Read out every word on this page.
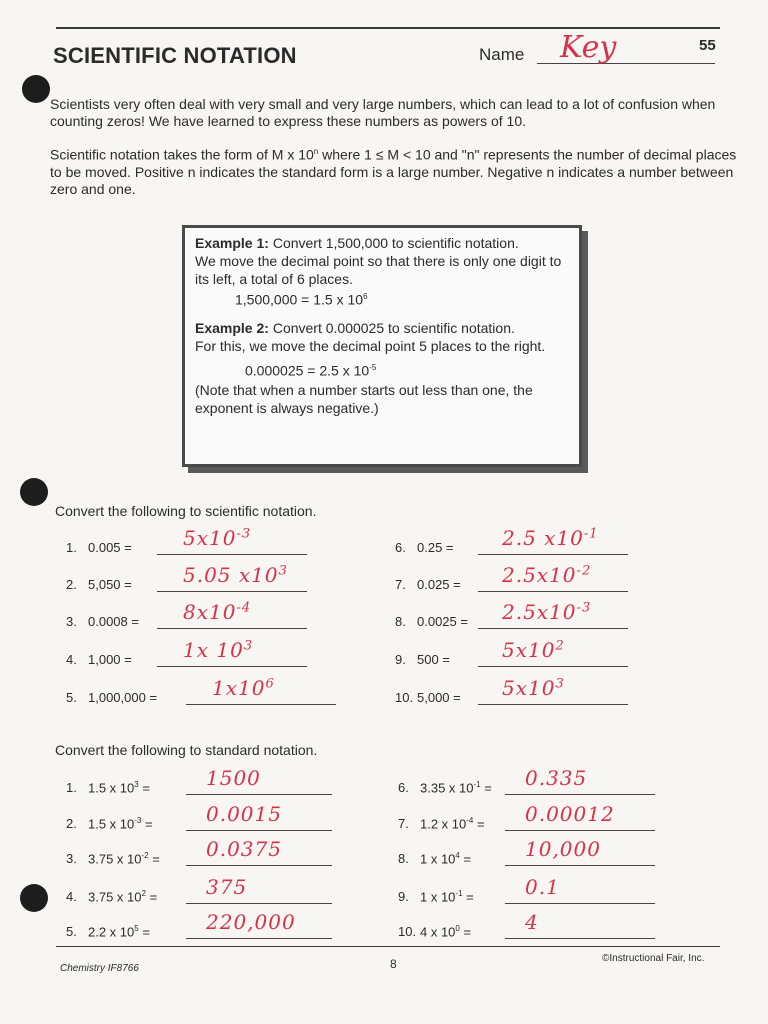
SCIENTIFIC NOTATION	Name Key	55
Scientists very often deal with very small and very large numbers, which can lead to a lot of confusion when counting zeros! We have learned to express these numbers as powers of 10.
Scientific notation takes the form of M x 10$^n$ where 1 ≤ M < 10 and "n" represents the number of decimal places to be moved. Positive n indicates the standard form is a large number. Negative n indicates a number between zero and one.

Example 1: Convert 1,500,000 to scientific notation.

We move the decimal point so that there is only one digit to its left, a total of 6 places.

1,500,000 = 1.5 x $10^6$

Example 2: Convert 0.000025 to scientific notation.

For this, we move the decimal point 5 places to the right.

0.000025 = 2.5 x $10^{-5}$

(Note that when a number starts out less than one, the exponent is always negative.)

Convert the following to scientific notation.
Convert the following to standard notation.
1. 0.005 =	$5x10^{-3}$
2. 5,050 =	5.05 $x10^3$
3. $0.0008 = 8x10^{-4}$
4. 1,000 =	1x $10^3$
5. 1,000,000 =	$1x10^6$
6. 0.25 = 2.5 $x10^{-1}$
7. $0.025 = 2.5x10^{-2}$
8. $0.0025 = 2.5x10^{-3}$
9. 500 =	$5x10^2$
10. $5,000 = 5x10^3$
1. 1.5 x $10^3$ =	1500
2. 1.5 x $10^{-3}$ =	0.0015
3. 3.75 x $10^{-2} = 0.0375$
4. 3.75 x $10^2 = 375$
5. 2.2 x $10^5$ =	220,000
6. 3.35 x $10^{-1} = 0.335$
7. 1.2 x $10^{-4} = 0.00012$
8. 1 x $10^4$ =	10,000
9. 1 x $10^{-1}$ =	0.1
10. 4 x $10^0$ =	4
Chemistry IF8766	8	©Instructional Fair, Inc.
